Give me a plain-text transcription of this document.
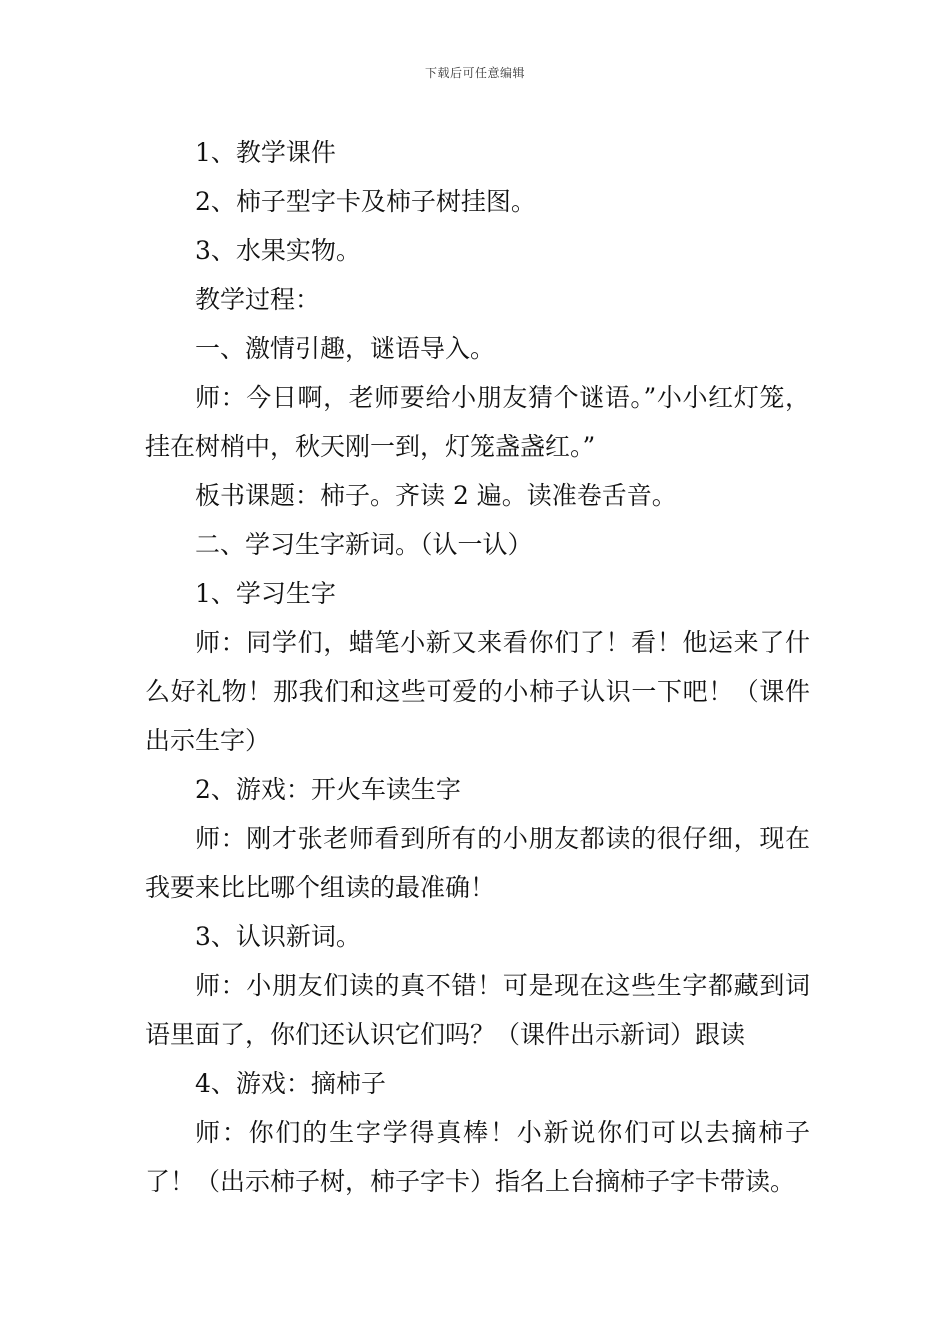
下载后可任意编辑

1、教学课件

2、柿子型字卡及柿子树挂图。

3、水果实物。

教学过程：

一、激情引趣，谜语导入。

师：今日啊，老师要给小朋友猜个谜语。”小小红灯笼，挂在树梢中，秋天刚一到，灯笼盏盏红。”

板书课题：柿子。齐读 2 遍。读准卷舌音。

二、学习生字新词。（认一认）

1、学习生字

师：同学们，蜡笔小新又来看你们了！看！他运来了什么好礼物！那我们和这些可爱的小柿子认识一下吧！（课件出示生字）

2、游戏：开火车读生字

师：刚才张老师看到所有的小朋友都读的很仔细，现在我要来比比哪个组读的最准确！

3、认识新词。

师：小朋友们读的真不错！可是现在这些生字都藏到词语里面了，你们还认识它们吗？（课件出示新词）跟读

4、游戏：摘柿子

师：你们的生字学得真棒！小新说你们可以去摘柿子了！（出示柿子树，柿子字卡）指名上台摘柿子字卡带读。
